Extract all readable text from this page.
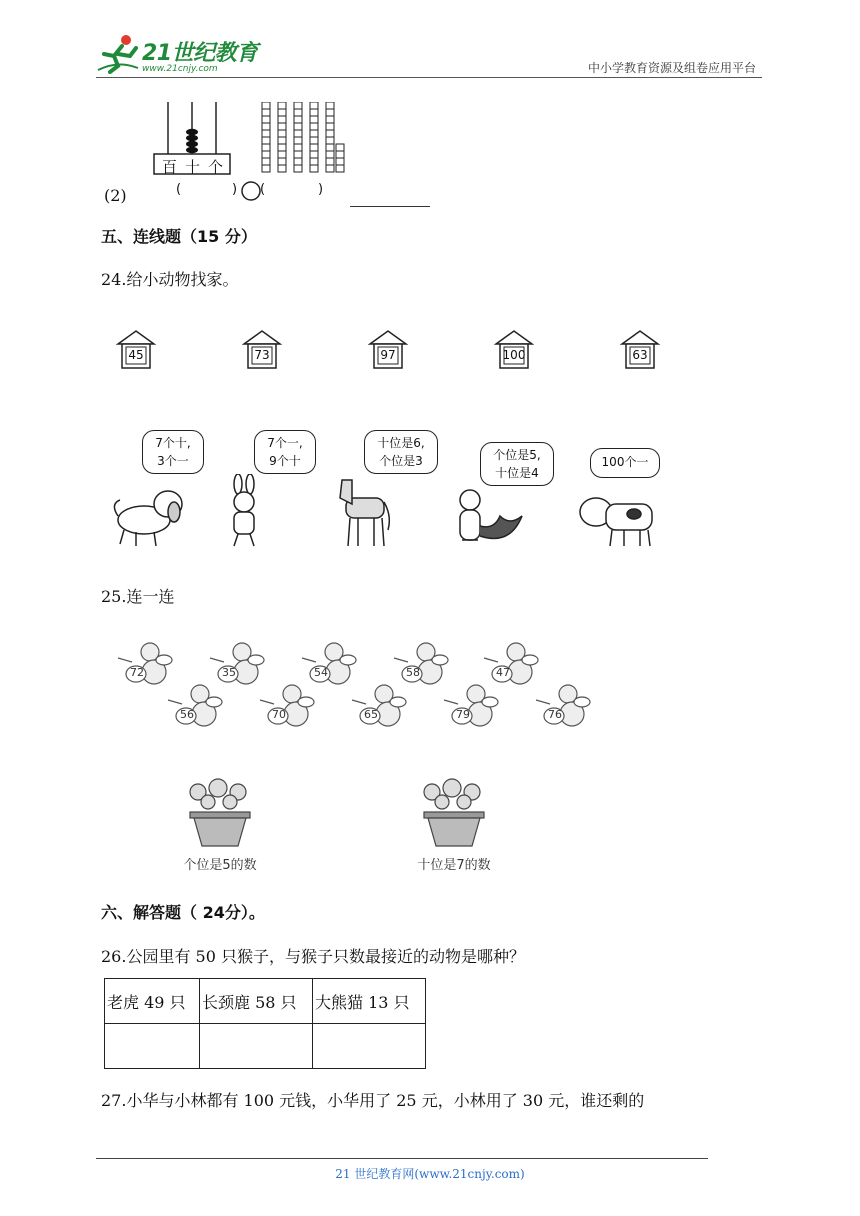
21世纪教育
www.21cnjy.com	中小学教育资源及组卷应用平台
百十个
(2)	(	) (	)
五、连线题（15 分）
24.给小动物找家。
45	73	97	100	63
7个十,
3个一
7个一,
9个十
十位是6,
个位是3	个位是5,
十位是4
100个一
25.连一连
72	35	54	58	47
56	70	65	79	76
个位是5的数	十位是7的数
六、解答题（ 24分）。
26.公园里有 50 只猴子，与猴子只数最接近的动物是哪种？
老虎 49 只	长颈鹿 58 只	大熊猫 13 只

27.小华与小林都有 100 元钱，小华用了 25 元，小林用了 30 元，谁还剩的
21 世纪教育网(www.21cnjy.com)
